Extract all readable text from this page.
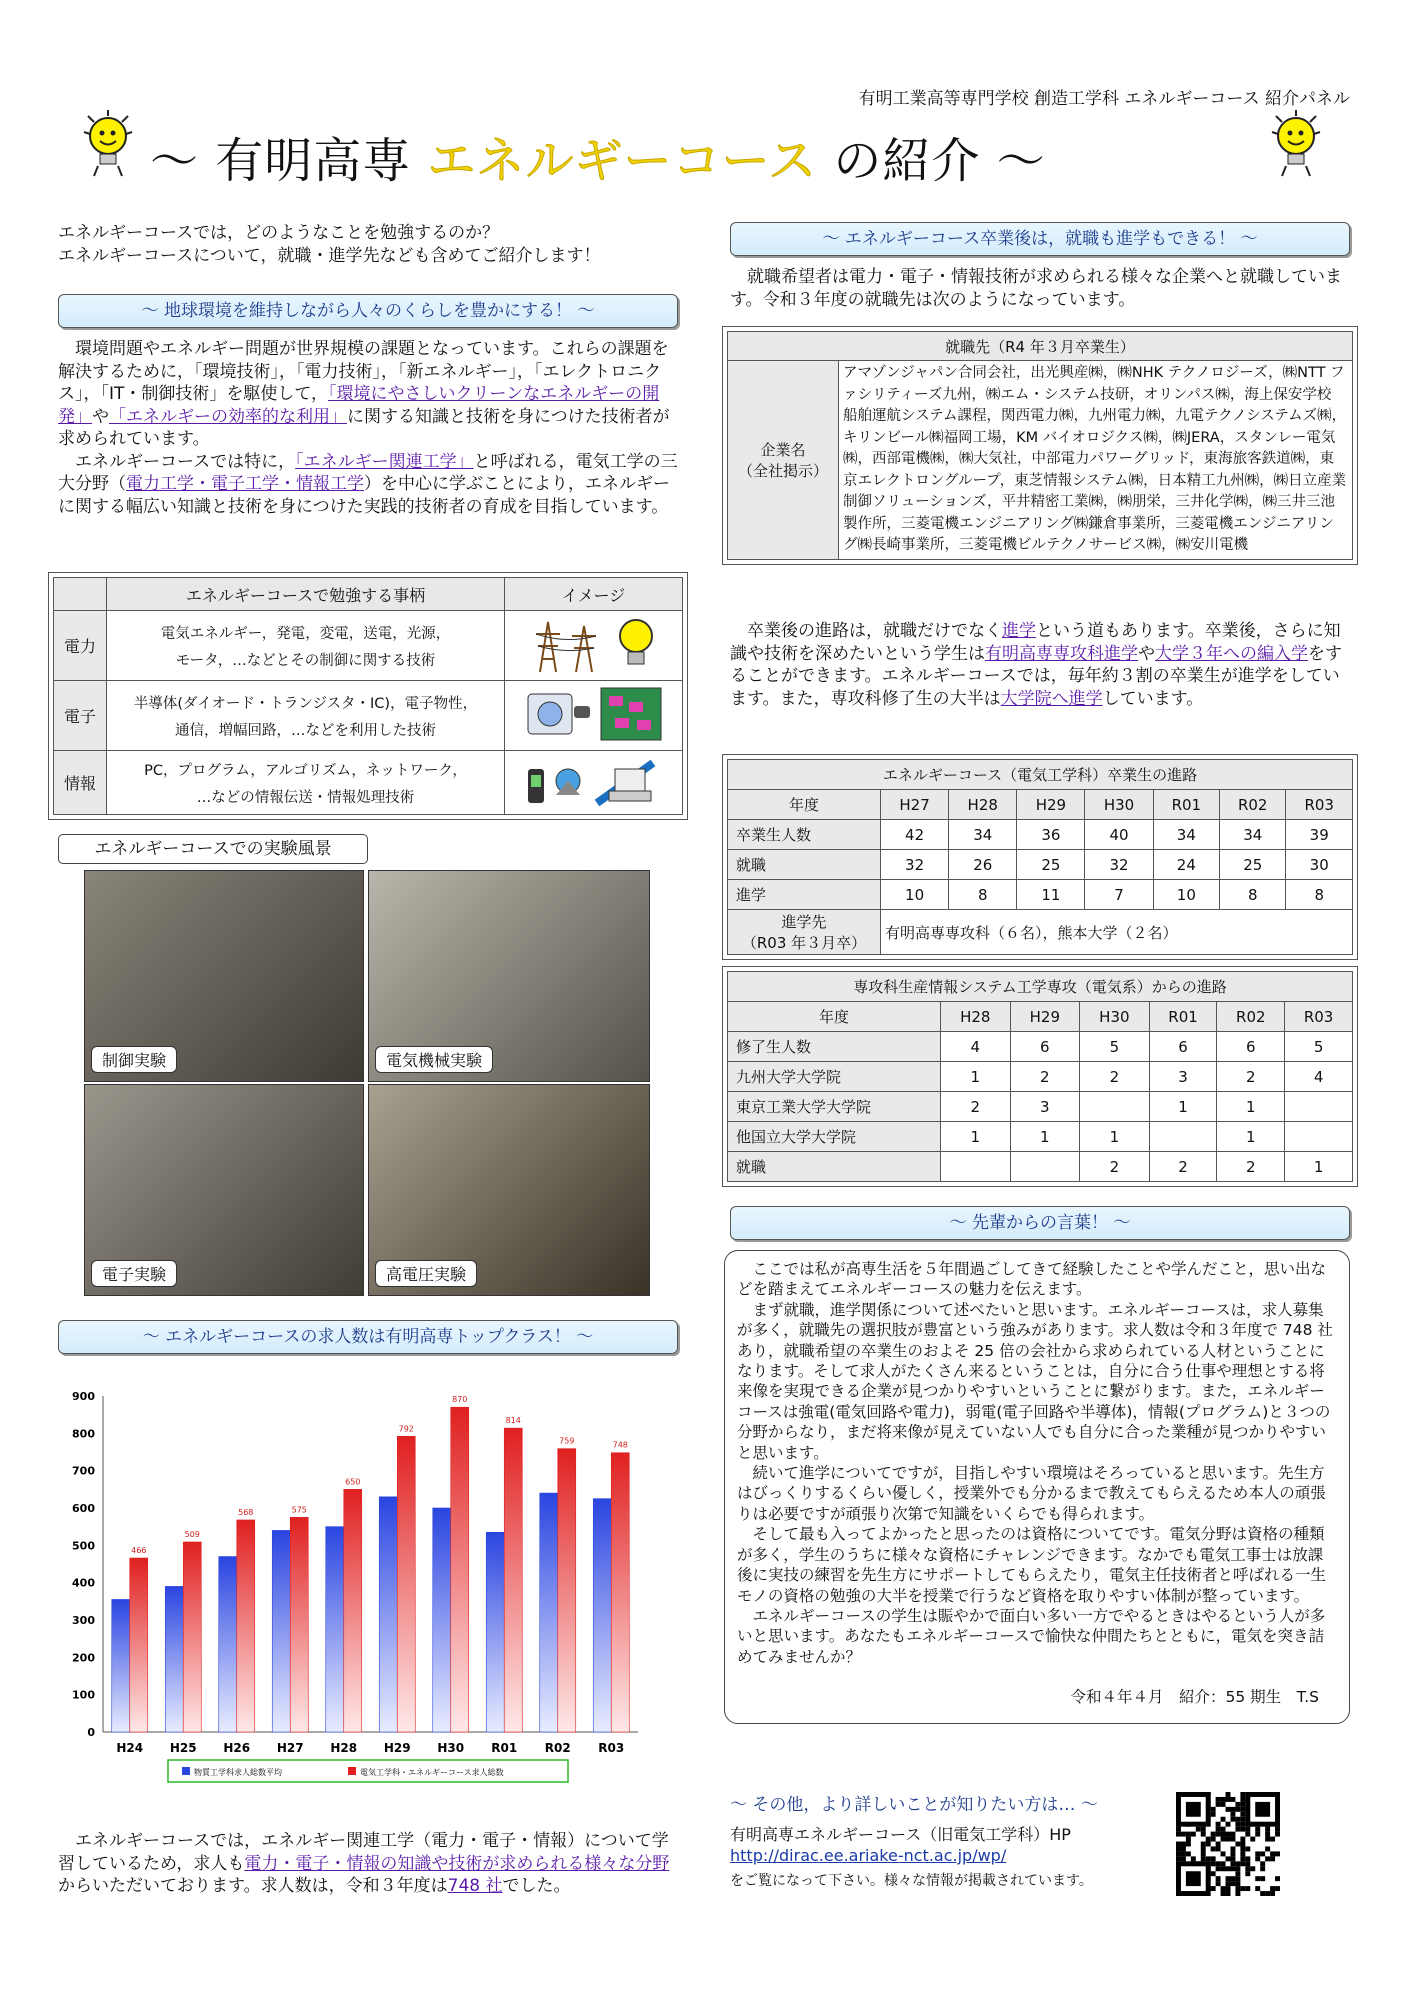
有明工業高等専門学校 創造工学科 エネルギーコース 紹介パネル
～ 有明高専 エネルギーコース の紹介 ～
エネルギーコースでは，どのようなことを勉強するのか？
エネルギーコースについて，就職・進学先なども含めてご紹介します！
～ 地球環境を維持しながら人々のくらしを豊かにする！ ～

環境問題やエネルギー問題が世界規模の課題となっています。これらの課題を解決するために，「環境技術」，「電力技術」，「新エネルギー」，「エレクトロニクス」，「IT・制御技術」を駆使して，「環境にやさしいクリーンなエネルギーの開発」や「エネルギーの効率的な利用」に関する知識と技術を身につけた技術者が求められています。

エネルギーコースでは特に，「エネルギー関連工学」と呼ばれる，電気工学の三大分野（電力工学・電子工学・情報工学）を中心に学ぶことにより，エネルギーに関する幅広い知識と技術を身につけた実践的技術者の育成を目指しています。

	エネルギーコースで勉強する事柄	イメージ
電力	電気エネルギー，発電，変電，送電，光源，
モータ，…などとその制御に関する技術

電子	半導体(ダイオード・トランジスタ・IC)，電子物性，
通信，増幅回路，…などを利用した技術

情報	PC，プログラム，アルゴリズム，ネットワーク，
…などの情報伝送・情報処理技術

エネルギーコースでの実験風景
制御実験	電気機械実験
電子実験	高電圧実験
～ エネルギーコースの求人数は有明高専トップクラス！ ～
0
100
200
300
400
500
600
700
800
900
466
H24
509
H25
568
H26
575
H27
650
H28
792
H29
870
H30
814
R01
759
R02
748
R03
物質工学科求人総数平均	電気工学科・エネルギーコース求人総数

エネルギーコースでは，エネルギー関連工学（電力・電子・情報）について学習しているため，求人も電力・電子・情報の知識や技術が求められる様々な分野からいただいております。求人数は，令和３年度は748 社でした。

～ エネルギーコース卒業後は，就職も進学もできる！ ～

就職希望者は電力・電子・情報技術が求められる様々な企業へと就職しています。令和３年度の就職先は次のようになっています。

就職先（R4 年３月卒業生）

企業名
（全社掲示）
	アマゾンジャパン合同会社，出光興産㈱，㈱NHK テクノロジーズ，㈱NTT ファシリティーズ九州，㈱エム・システム技研，オリンパス㈱，海上保安学校　船舶運航システム課程，関西電力㈱，九州電力㈱，九電テクノシステムズ㈱，キリンビール㈱福岡工場，KM バイオロジクス㈱，㈱JERA，スタンレー電気㈱，西部電機㈱，㈱大気社，中部電力パワーグリッド，東海旅客鉄道㈱，東京エレクトロングループ，東芝情報システム㈱，日本精工九州㈱，㈱日立産業制御ソリューションズ，平井精密工業㈱，㈱朋栄，三井化学㈱，㈱三井三池製作所，三菱電機エンジニアリング㈱鎌倉事業所，三菱電機エンジニアリング㈱長崎事業所，三菱電機ビルテクノサービス㈱，㈱安川電機

卒業後の進路は，就職だけでなく進学という道もあります。卒業後，さらに知識や技術を深めたいという学生は有明高専専攻科進学や大学３年への編入学をすることができます。エネルギーコースでは，毎年約３割の卒業生が進学をしています。また，専攻科修了生の大半は大学院へ進学しています。

エネルギーコース（電気工学科）卒業生の進路							
年度	H27	H28	H29	H30	R01	R02	R03
卒業生人数	42	34	36	40	34	34	39
就職	32	26	25	32	24	25	30
進学	10	8	11	7	10	8	8

進学先
（R03 年３月卒）	有明高専専攻科（６名），熊本大学（２名）						
専攻科生産情報システム工学専攻（電気系）からの進路						
年度	H28	H29	H30	R01	R02	R03
修了生人数	4	6	5	6	6	5
九州大学大学院	1	2	2	3	2	4
東京工業大学大学院	2	3		1	1	
他国立大学大学院	1	1	1		1	
就職			2	2	2	1
～ 先輩からの言葉！ ～

ここでは私が高専生活を５年間過ごしてきて経験したことや学んだこと，思い出などを踏まえてエネルギーコースの魅力を伝えます。

まず就職，進学関係について述べたいと思います。エネルギーコースは，求人募集が多く，就職先の選択肢が豊富という強みがあります。求人数は令和３年度で 748 社あり，就職希望の卒業生のおよそ 25 倍の会社から求められている人材ということになります。そして求人がたくさん来るということは，自分に合う仕事や理想とする将来像を実現できる企業が見つかりやすいということに繋がります。また，エネルギーコースは強電(電気回路や電力)，弱電(電子回路や半導体)，情報(プログラム)と３つの分野からなり，まだ将来像が見えていない人でも自分に合った業種が見つかりやすいと思います。

続いて進学についてですが，目指しやすい環境はそろっていると思います。先生方はびっくりするくらい優しく，授業外でも分かるまで教えてもらえるため本人の頑張りは必要ですが頑張り次第で知識をいくらでも得られます。

そして最も入ってよかったと思ったのは資格についてです。電気分野は資格の種類が多く，学生のうちに様々な資格にチャレンジできます。なかでも電気工事士は放課後に実技の練習を先生方にサポートしてもらえたり，電気主任技術者と呼ばれる一生モノの資格の勉強の大半を授業で行うなど資格を取りやすい体制が整っています。

エネルギーコースの学生は賑やかで面白い多い一方でやるときはやるという人が多いと思います。あなたもエネルギーコースで愉快な仲間たちとともに，電気を突き詰めてみませんか？

令和４年４月　紹介：55 期生　T.S
～ その他，より詳しいことが知りたい方は… ～
有明高専エネルギーコース（旧電気工学科）HP
http://dirac.ee.ariake-nct.ac.jp/wp/
をご覧になって下さい。様々な情報が掲載されています。
